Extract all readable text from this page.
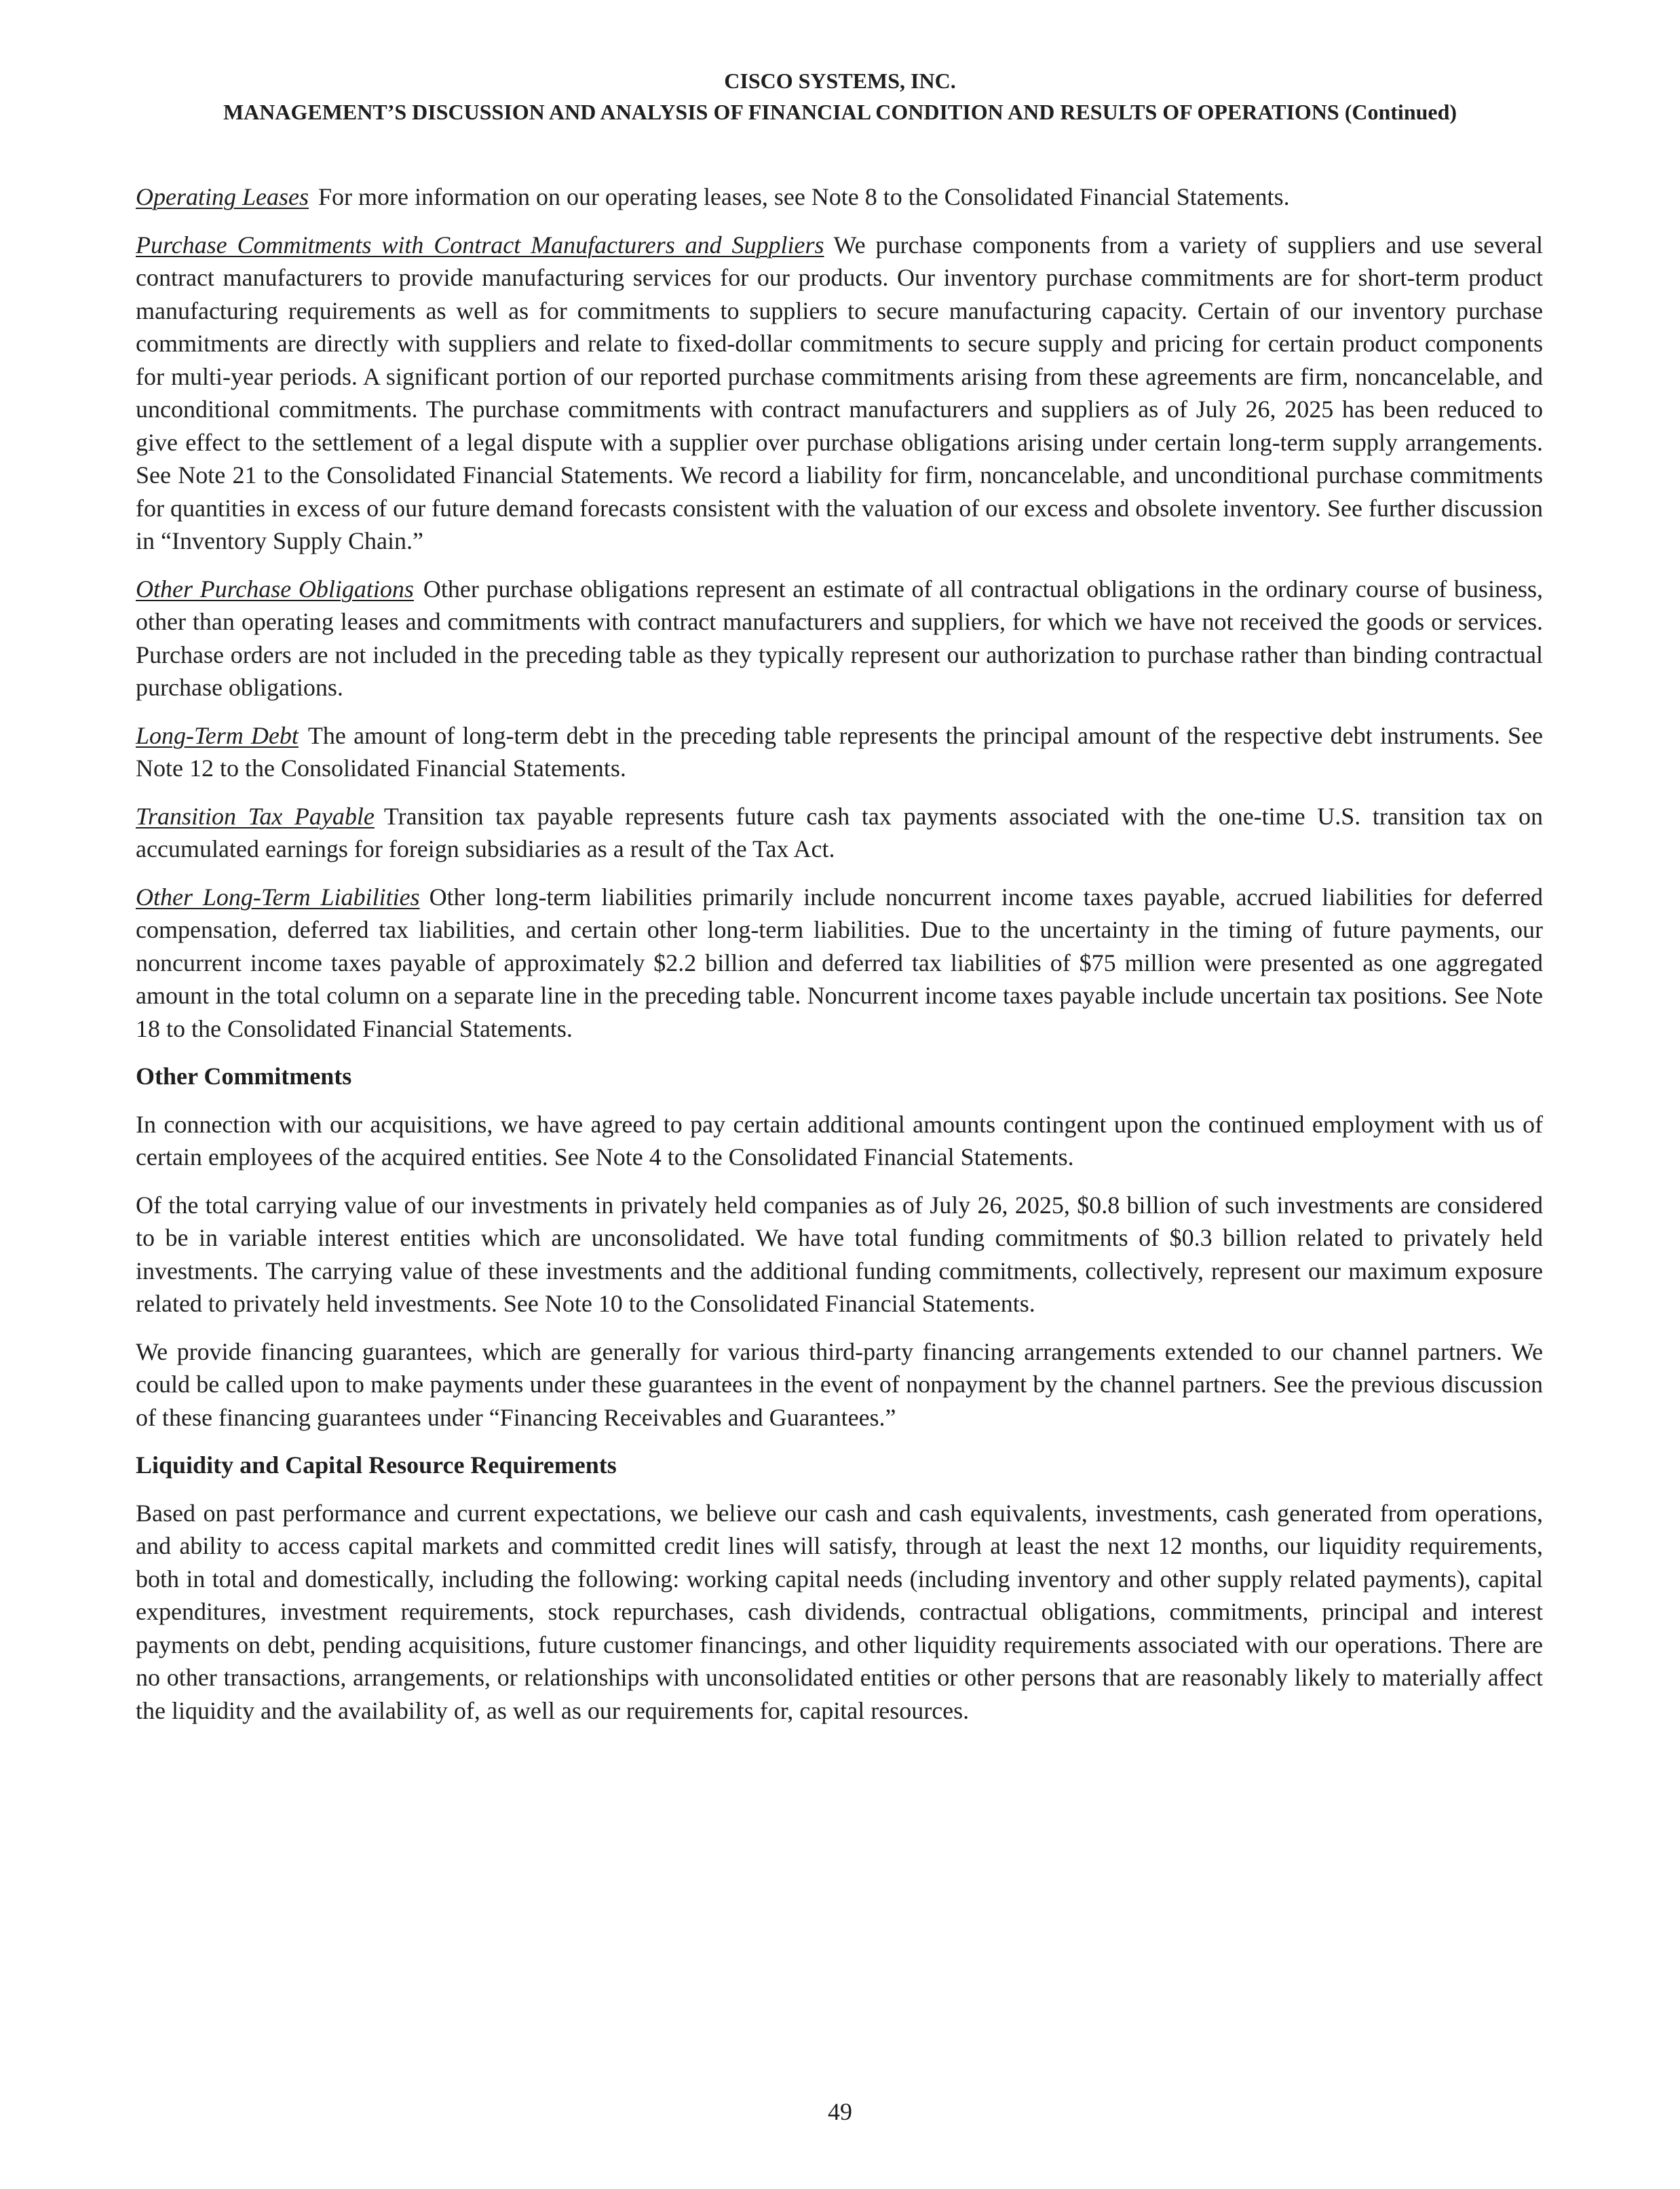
CISCO SYSTEMS, INC.
MANAGEMENT’S DISCUSSION AND ANALYSIS OF FINANCIAL CONDITION AND RESULTS OF OPERATIONS (Continued)

Operating Leases For more information on our operating leases, see Note 8 to the Consolidated Financial Statements.

Purchase Commitments with Contract Manufacturers and Suppliers We purchase components from a variety of suppliers and use several contract manufacturers to provide manufacturing services for our products. Our inventory purchase commitments are for short-term product manufacturing requirements as well as for commitments to suppliers to secure manufacturing capacity. Certain of our inventory purchase commitments are directly with suppliers and relate to fixed-dollar commitments to secure supply and pricing for certain product components for multi-year periods. A significant portion of our reported purchase commitments arising from these agreements are firm, noncancelable, and unconditional commitments. The purchase commitments with contract manufacturers and suppliers as of July 26, 2025 has been reduced to give effect to the settlement of a legal dispute with a supplier over purchase obligations arising under certain long-term supply arrangements. See Note 21 to the Consolidated Financial Statements. We record a liability for firm, noncancelable, and unconditional purchase commitments for quantities in excess of our future demand forecasts consistent with the valuation of our excess and obsolete inventory. See further discussion in “Inventory Supply Chain.”

Other Purchase Obligations Other purchase obligations represent an estimate of all contractual obligations in the ordinary course of business, other than operating leases and commitments with contract manufacturers and suppliers, for which we have not received the goods or services. Purchase orders are not included in the preceding table as they typically represent our authorization to purchase rather than binding contractual purchase obligations.

Long-Term Debt The amount of long-term debt in the preceding table represents the principal amount of the respective debt instruments. See Note 12 to the Consolidated Financial Statements.

Transition Tax Payable Transition tax payable represents future cash tax payments associated with the one-time U.S. transition tax on accumulated earnings for foreign subsidiaries as a result of the Tax Act.

Other Long-Term Liabilities Other long-term liabilities primarily include noncurrent income taxes payable, accrued liabilities for deferred compensation, deferred tax liabilities, and certain other long-term liabilities. Due to the uncertainty in the timing of future payments, our noncurrent income taxes payable of approximately $2.2 billion and deferred tax liabilities of $75 million were presented as one aggregated amount in the total column on a separate line in the preceding table. Noncurrent income taxes payable include uncertain tax positions. See Note 18 to the Consolidated Financial Statements.

Other Commitments

In connection with our acquisitions, we have agreed to pay certain additional amounts contingent upon the continued employment with us of certain employees of the acquired entities. See Note 4 to the Consolidated Financial Statements.

Of the total carrying value of our investments in privately held companies as of July 26, 2025, $0.8 billion of such investments are considered to be in variable interest entities which are unconsolidated. We have total funding commitments of $0.3 billion related to privately held investments. The carrying value of these investments and the additional funding commitments, collectively, represent our maximum exposure related to privately held investments. See Note 10 to the Consolidated Financial Statements.

We provide financing guarantees, which are generally for various third-party financing arrangements extended to our channel partners. We could be called upon to make payments under these guarantees in the event of nonpayment by the channel partners. See the previous discussion of these financing guarantees under “Financing Receivables and Guarantees.”

Liquidity and Capital Resource Requirements

Based on past performance and current expectations, we believe our cash and cash equivalents, investments, cash generated from operations, and ability to access capital markets and committed credit lines will satisfy, through at least the next 12 months, our liquidity requirements, both in total and domestically, including the following: working capital needs (including inventory and other supply related payments), capital expenditures, investment requirements, stock repurchases, cash dividends, contractual obligations, commitments, principal and interest payments on debt, pending acquisitions, future customer financings, and other liquidity requirements associated with our operations. There are no other transactions, arrangements, or relationships with unconsolidated entities or other persons that are reasonably likely to materially affect the liquidity and the availability of, as well as our requirements for, capital resources.

49
